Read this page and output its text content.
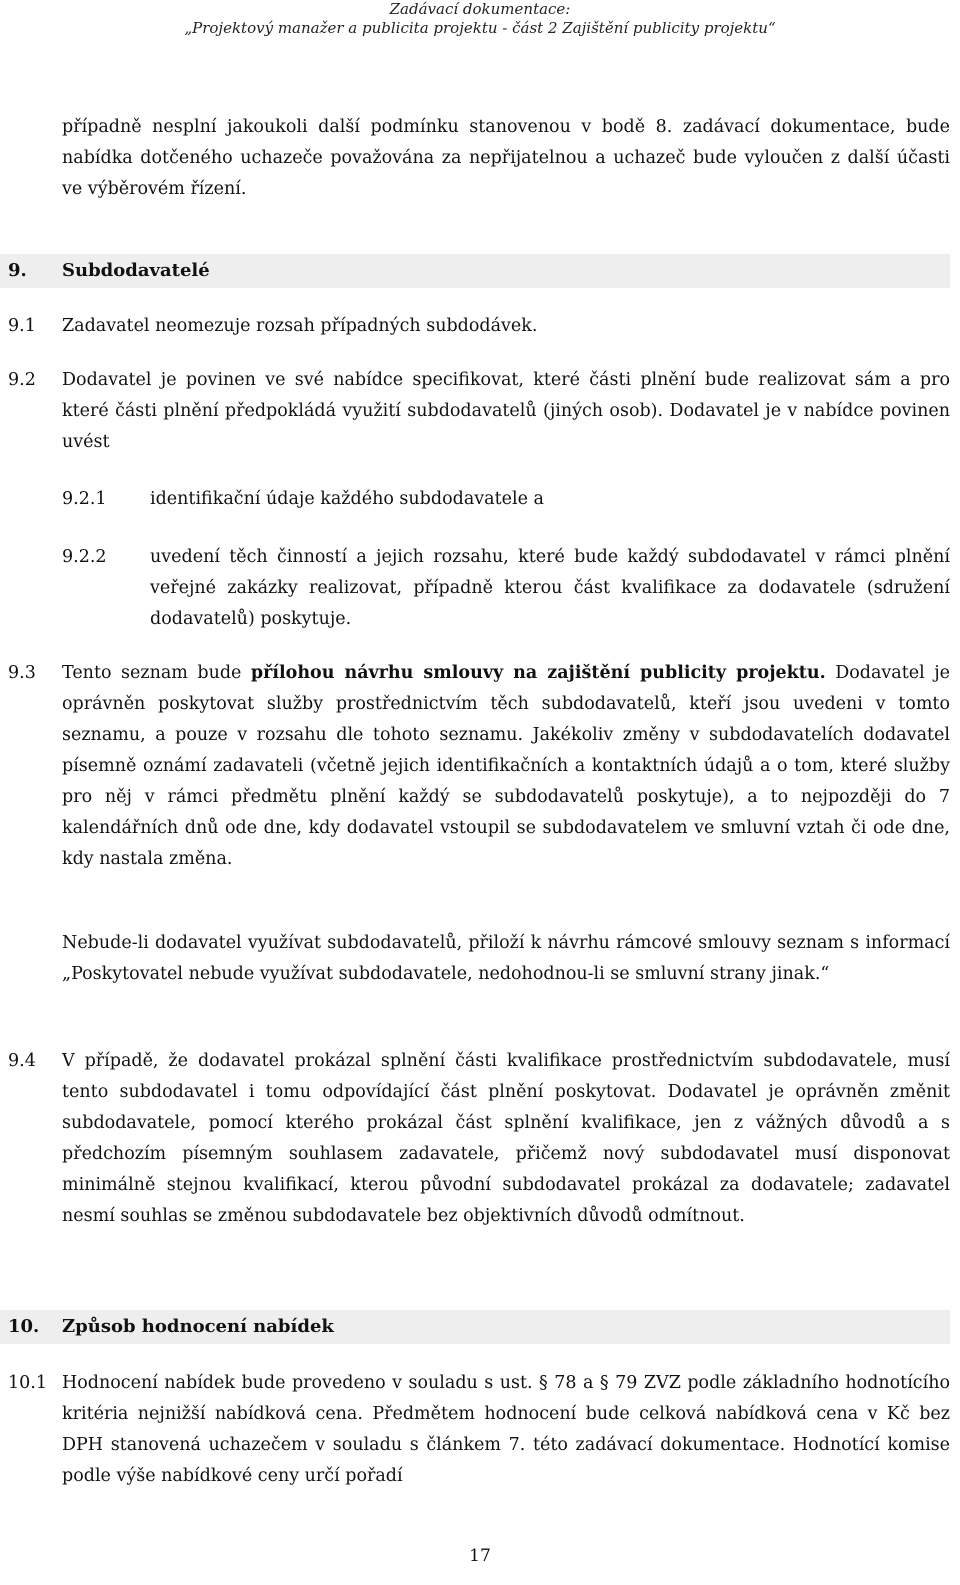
Zadávací dokumentace:
„Projektový manažer a publicita projektu - část 2 Zajištění publicity projektu“
případně nesplní jakoukoli další podmínku stanovenou v bodě 8. zadávací dokumentace, bude nabídka dotčeného uchazeče považována za nepřijatelnou a uchazeč bude vyloučen z další účasti ve výběrovém řízení.
9. Subdodavatelé
9.1 Zadavatel neomezuje rozsah případných subdodávek.
9.2 Dodavatel je povinen ve své nabídce specifikovat, které části plnění bude realizovat sám a pro které části plnění předpokládá využití subdodavatelů (jiných osob). Dodavatel je v nabídce povinen uvést
9.2.1 identifikační údaje každého subdodavatele a
9.2.2 uvedení těch činností a jejich rozsahu, které bude každý subdodavatel v rámci plnění veřejné zakázky realizovat, případně kterou část kvalifikace za dodavatele (sdružení dodavatelů) poskytuje.
9.3 Tento seznam bude přílohou návrhu smlouvy na zajištění publicity projektu. Dodavatel je oprávněn poskytovat služby prostřednictvím těch subdodavatelů, kteří jsou uvedeni v tomto seznamu, a pouze v rozsahu dle tohoto seznamu. Jakékoliv změny v subdodavatelích dodavatel písemně oznámí zadavateli (včetně jejich identifikačních a kontaktních údajů a o tom, které služby pro něj v rámci předmětu plnění každý se subdodavatelů poskytuje), a to nejpozději do 7 kalendářních dnů ode dne, kdy dodavatel vstoupil se subdodavatelem ve smluvní vztah či ode dne, kdy nastala změna.
Nebude-li dodavatel využívat subdodavatelů, přiloží k návrhu rámcové smlouvy seznam s informací „Poskytovatel nebude využívat subdodavatele, nedohodnou-li se smluvní strany jinak.“
9.4 V případě, že dodavatel prokázal splnění části kvalifikace prostřednictvím subdodavatele, musí tento subdodavatel i tomu odpovídající část plnění poskytovat. Dodavatel je oprávněn změnit subdodavatele, pomocí kterého prokázal část splnění kvalifikace, jen z vážných důvodů a s předchozím písemným souhlasem zadavatele, přičemž nový subdodavatel musí disponovat minimálně stejnou kvalifikací, kterou původní subdodavatel prokázal za dodavatele; zadavatel nesmí souhlas se změnou subdodavatele bez objektivních důvodů odmítnout.
10. Způsob hodnocení nabídek
10.1 Hodnocení nabídek bude provedeno v souladu s ust. § 78 a § 79 ZVZ podle základního hodnotícího kritéria nejnižší nabídková cena. Předmětem hodnocení bude celková nabídková cena v Kč bez DPH stanovená uchazečem v souladu s článkem 7. této zadávací dokumentace. Hodnotící komise podle výše nabídkové ceny určí pořadí
17
